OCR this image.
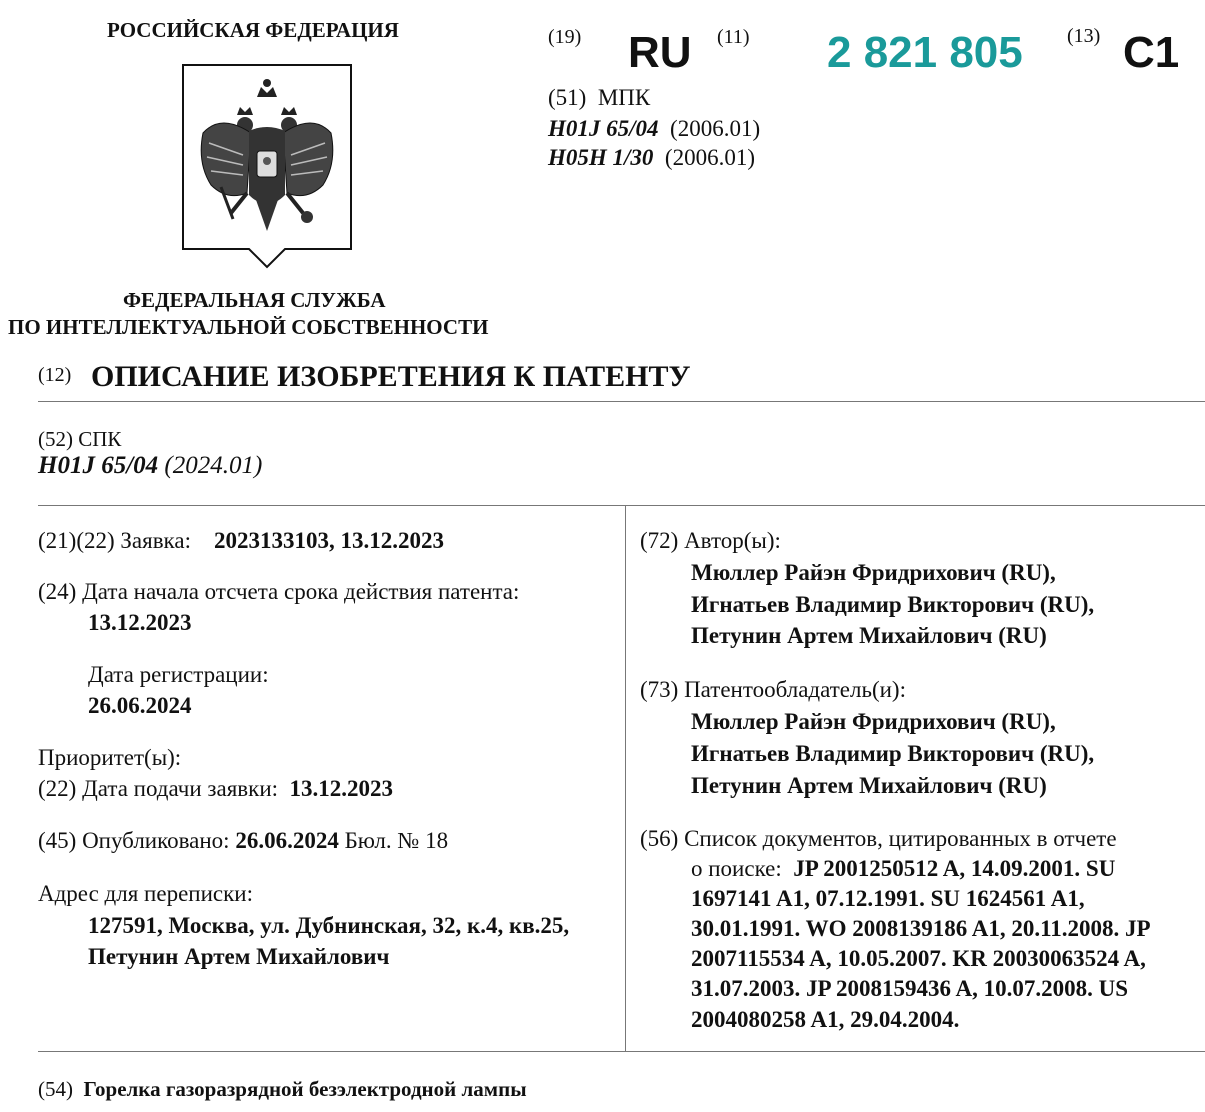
РОССИЙСКАЯ ФЕДЕРАЦИЯ
ФЕДЕРАЛЬНАЯ СЛУЖБА
ПО ИНТЕЛЛЕКТУАЛЬНОЙ СОБСТВЕННОСТИ
(19) RU (11) 2 821 805 (13) C1
(51) МПК
H01J 65/04 (2006.01)
H05H 1/30 (2006.01)
(12) ОПИСАНИЕ ИЗОБРЕТЕНИЯ К ПАТЕНТУ
(52) СПК
H01J 65/04 (2024.01)
(21)(22) Заявка: 2023133103, 13.12.2023
(24) Дата начала отсчета срока действия патента:
13.12.2023
Дата регистрации:
26.06.2024
Приоритет(ы):
(22) Дата подачи заявки: 13.12.2023
(45) Опубликовано: 26.06.2024 Бюл. № 18
Адрес для переписки:
127591, Москва, ул. Дубнинская, 32, к.4, кв.25,
Петунин Артем Михайлович
(72) Автор(ы):
Мюллер Райэн Фридрихович (RU),
Игнатьев Владимир Викторович (RU),
Петунин Артем Михайлович (RU)
(73) Патентообладатель(и):
Мюллер Райэн Фридрихович (RU),
Игнатьев Владимир Викторович (RU),
Петунин Артем Михайлович (RU)
(56) Список документов, цитированных в отчете
о поиске: JP 2001250512 A, 14.09.2001. SU
1697141 A1, 07.12.1991. SU 1624561 A1,
30.01.1991. WO 2008139186 A1, 20.11.2008. JP
2007115534 A, 10.05.2007. KR 20030063524 A,
31.07.2003. JP 2008159436 A, 10.07.2008. US
2004080258 A1, 29.04.2004.
(54) Горелка газоразрядной безэлектродной лампы
